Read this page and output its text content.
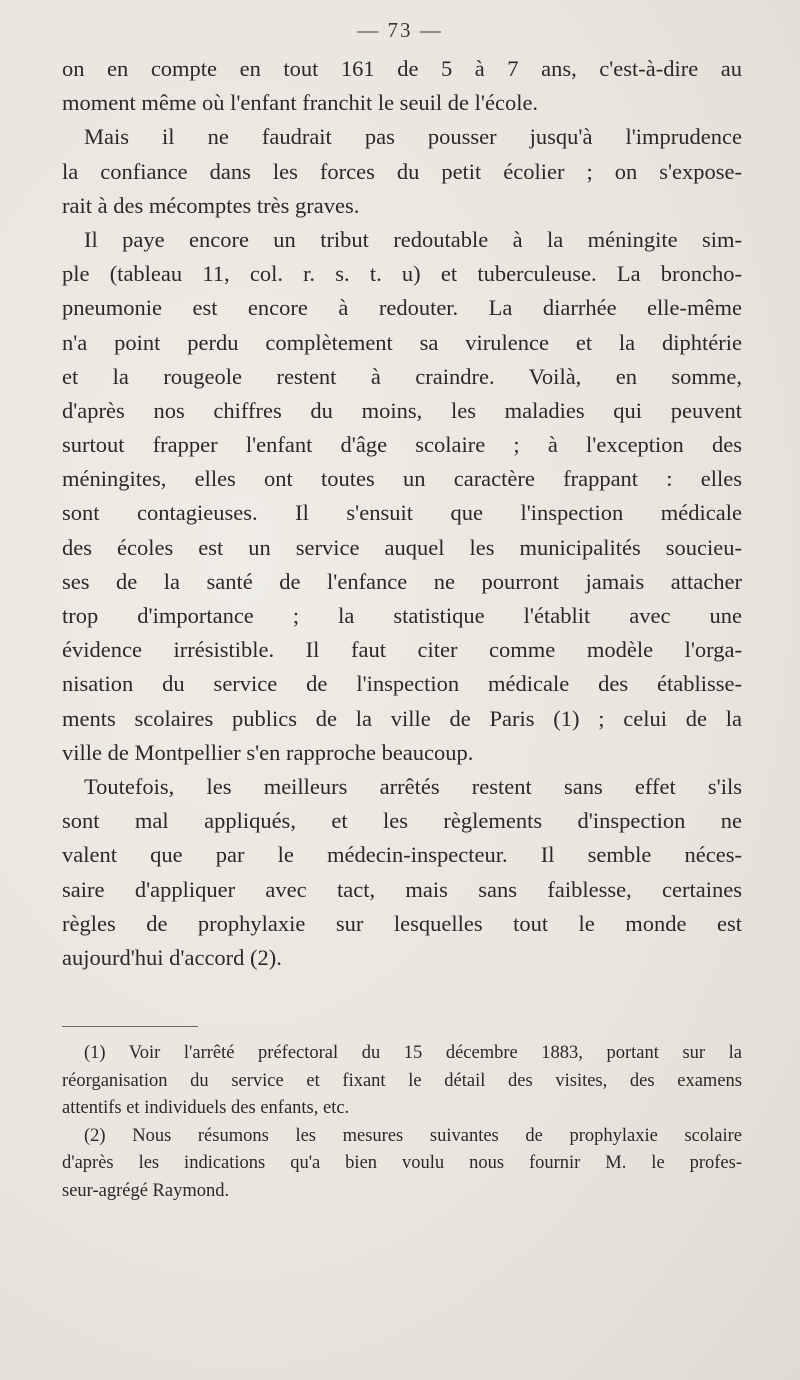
— 73 —
on en compte en tout 161 de 5 à 7 ans, c'est-à-dire au
moment même où l'enfant franchit le seuil de l'école.
Mais il ne faudrait pas pousser jusqu'à l'imprudence
la confiance dans les forces du petit écolier ; on s'expose-
rait à des mécomptes très graves.
Il paye encore un tribut redoutable à la méningite sim-
ple (tableau 11, col. r. s. t. u) et tuberculeuse. La broncho-
pneumonie est encore à redouter. La diarrhée elle-même
n'a point perdu complètement sa virulence et la diphtérie
et la rougeole restent à craindre. Voilà, en somme,
d'après nos chiffres du moins, les maladies qui peuvent
surtout frapper l'enfant d'âge scolaire ; à l'exception des
méningites, elles ont toutes un caractère frappant : elles
sont contagieuses. Il s'ensuit que l'inspection médicale
des écoles est un service auquel les municipalités soucieu-
ses de la santé de l'enfance ne pourront jamais attacher
trop d'importance ; la statistique l'établit avec une
évidence irrésistible. Il faut citer comme modèle l'orga-
nisation du service de l'inspection médicale des établisse-
ments scolaires publics de la ville de Paris (1) ; celui de la
ville de Montpellier s'en rapproche beaucoup.
Toutefois, les meilleurs arrêtés restent sans effet s'ils
sont mal appliqués, et les règlements d'inspection ne
valent que par le médecin-inspecteur. Il semble néces-
saire d'appliquer avec tact, mais sans faiblesse, certaines
règles de prophylaxie sur lesquelles tout le monde est
aujourd'hui d'accord (2).
(1) Voir l'arrêté préfectoral du 15 décembre 1883, portant sur la
réorganisation du service et fixant le détail des visites, des examens
attentifs et individuels des enfants, etc.
(2) Nous résumons les mesures suivantes de prophylaxie scolaire
d'après les indications qu'a bien voulu nous fournir M. le profes-
seur-agrégé Raymond.
